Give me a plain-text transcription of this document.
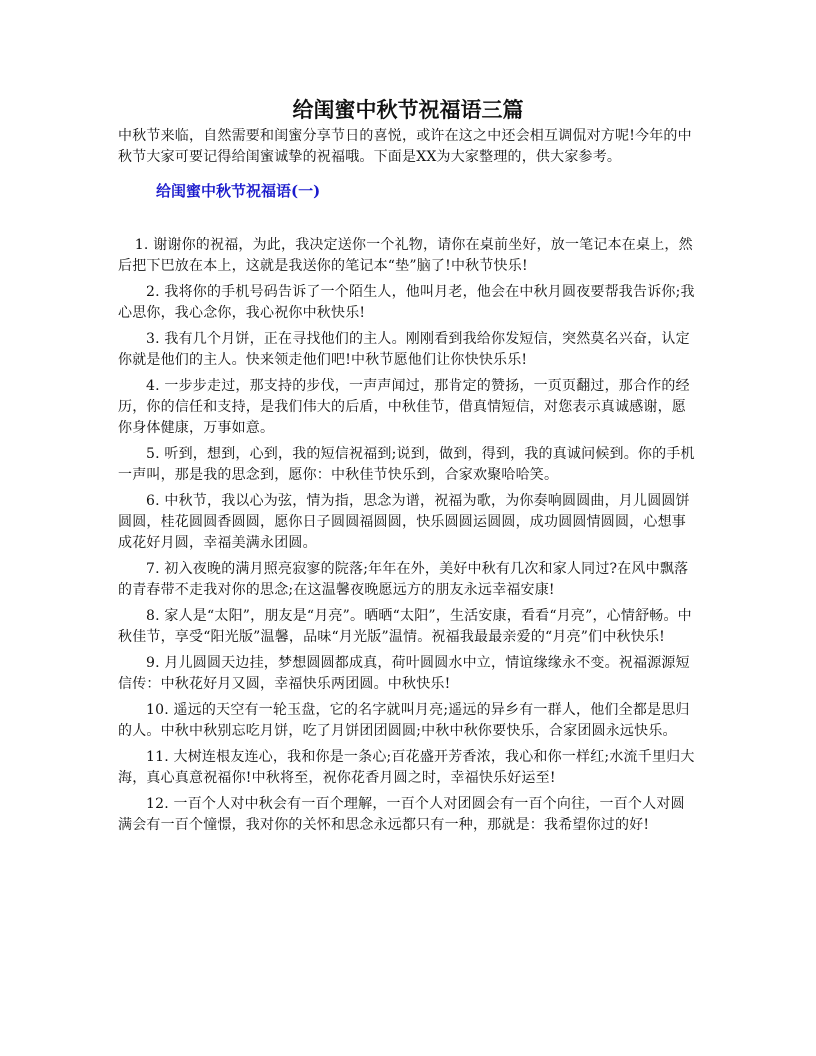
给闺蜜中秋节祝福语三篇

中秋节来临，自然需要和闺蜜分享节日的喜悦，或许在这之中还会相互调侃对方呢!今年的中秋节大家可要记得给闺蜜诚挚的祝福哦。下面是XX为大家整理的，供大家参考。

给闺蜜中秋节祝福语(一)

1. 谢谢你的祝福，为此，我决定送你一个礼物，请你在桌前坐好，放一笔记本在桌上，然后把下巴放在本上，这就是我送你的笔记本“垫”脑了!中秋节快乐!

2. 我将你的手机号码告诉了一个陌生人，他叫月老，他会在中秋月圆夜要帮我告诉你;我心思你，我心念你，我心祝你中秋快乐!

3. 我有几个月饼，正在寻找他们的主人。刚刚看到我给你发短信，突然莫名兴奋，认定你就是他们的主人。快来领走他们吧!中秋节愿他们让你快快乐乐!

4. 一步步走过，那支持的步伐，一声声闻过，那肯定的赞扬，一页页翻过，那合作的经历，你的信任和支持，是我们伟大的后盾，中秋佳节，借真情短信，对您表示真诚感谢，愿你身体健康，万事如意。

5. 听到，想到，心到，我的短信祝福到;说到，做到，得到，我的真诚问候到。你的手机一声叫，那是我的思念到，愿你：中秋佳节快乐到，合家欢聚哈哈笑。

6. 中秋节，我以心为弦，情为指，思念为谱，祝福为歌，为你奏响圆圆曲，月儿圆圆饼圆圆，桂花圆圆香圆圆，愿你日子圆圆福圆圆，快乐圆圆运圆圆，成功圆圆情圆圆，心想事成花好月圆，幸福美满永团圆。

7. 初入夜晚的满月照亮寂寥的院落;年年在外，美好中秋有几次和家人同过?在风中飘落的青春带不走我对你的思念;在这温馨夜晚愿远方的朋友永远幸福安康!

8. 家人是“太阳”，朋友是“月亮”。晒晒“太阳”，生活安康，看看“月亮”，心情舒畅。中秋佳节，享受“阳光版”温馨，品味“月光版”温情。祝福我最最亲爱的“月亮”们中秋快乐!

9. 月儿圆圆天边挂，梦想圆圆都成真，荷叶圆圆水中立，情谊缘缘永不变。祝福源源短信传：中秋花好月又圆，幸福快乐两团圆。中秋快乐!

10. 遥远的天空有一轮玉盘，它的名字就叫月亮;遥远的异乡有一群人，他们全都是思归的人。中秋中秋别忘吃月饼，吃了月饼团团圆圆;中秋中秋你要快乐，合家团圆永远快乐。

11. 大树连根友连心，我和你是一条心;百花盛开芳香浓，我心和你一样红;水流千里归大海，真心真意祝福你!中秋将至，祝你花香月圆之时，幸福快乐好运至!

12. 一百个人对中秋会有一百个理解，一百个人对团圆会有一百个向往，一百个人对圆满会有一百个憧憬，我对你的关怀和思念永远都只有一种，那就是：我希望你过的好!
